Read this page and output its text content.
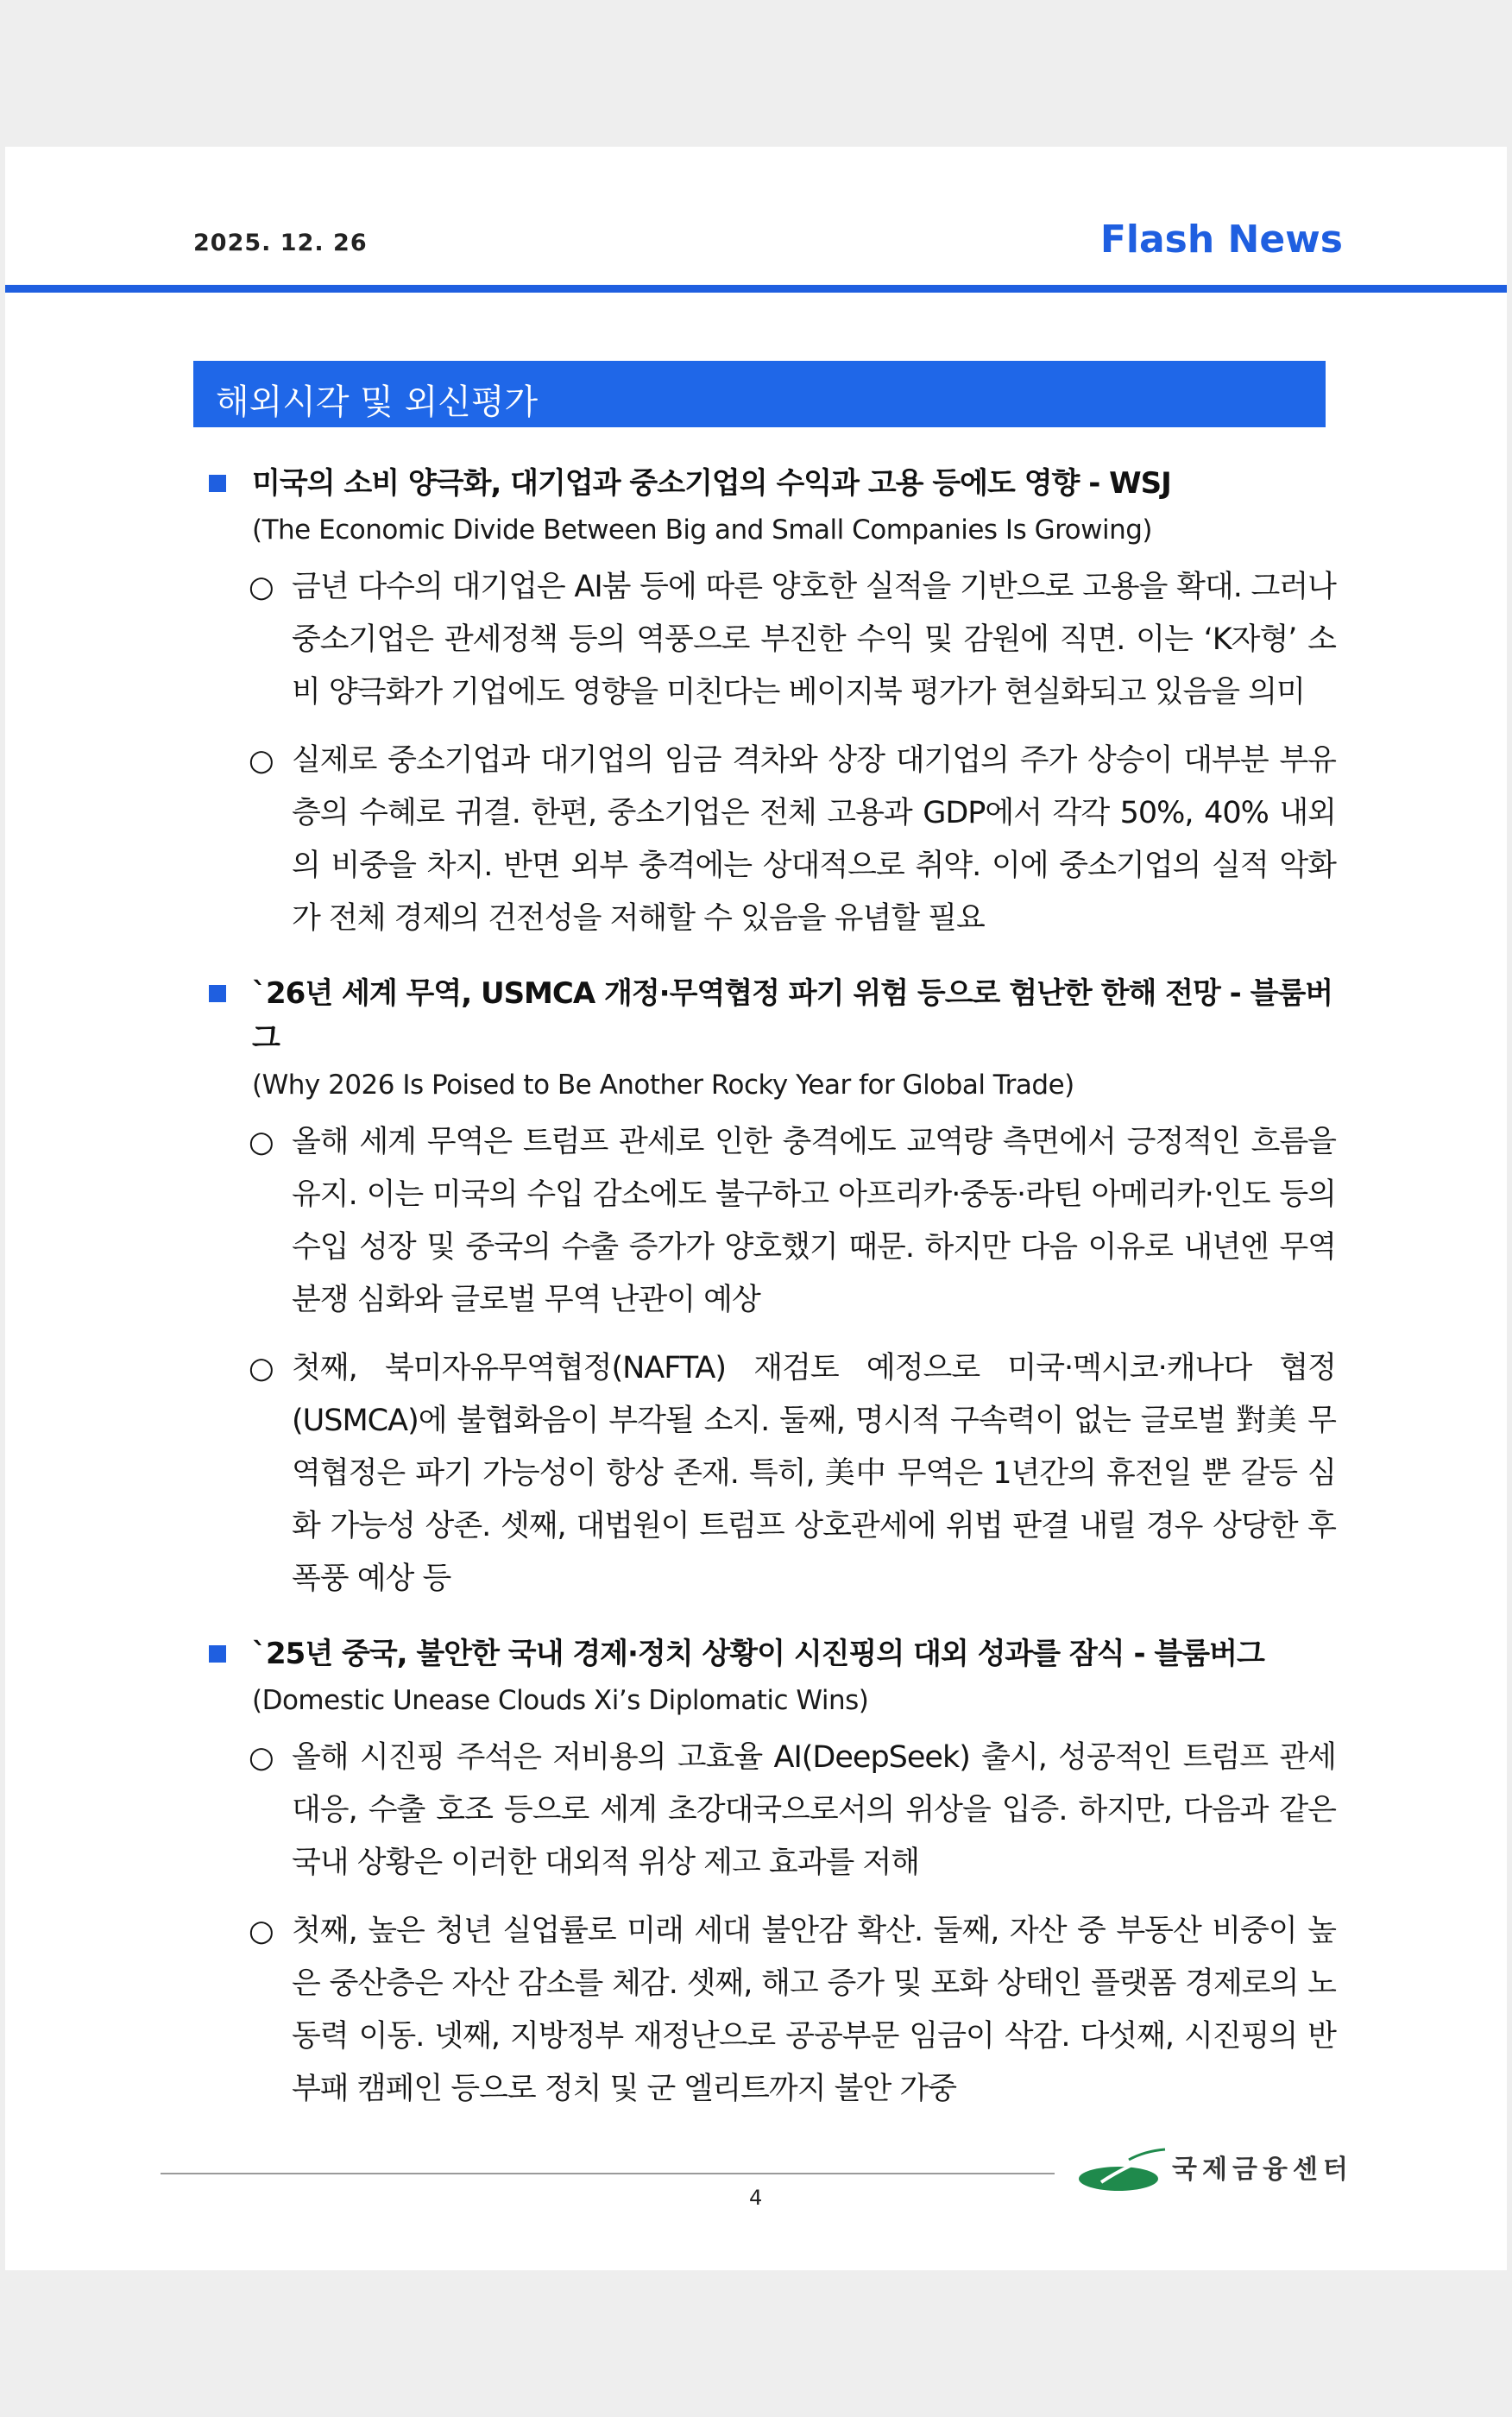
2025. 12. 26	Flash News
해외시각 및 외신평가
미국의 소비 양극화, 대기업과 중소기업의 수익과 고용 등에도 영향 - WSJ
(The Economic Divide Between Big and Small Companies Is Growing)
○ 금년 다수의 대기업은 AI붐 등에 따른 양호한 실적을 기반으로 고용을 확대. 그러나 중소기업은 관세정책 등의 역풍으로 부진한 수익 및 감원에 직면. 이는 ‘K자형’ 소비 양극화가 기업에도 영향을 미친다는 베이지북 평가가 현실화되고 있음을 의미
○ 실제로 중소기업과 대기업의 임금 격차와 상장 대기업의 주가 상승이 대부분 부유층의 수혜로 귀결. 한편, 중소기업은 전체 고용과 GDP에서 각각 50%, 40% 내외의 비중을 차지. 반면 외부 충격에는 상대적으로 취약. 이에 중소기업의 실적 악화가 전체 경제의 건전성을 저해할 수 있음을 유념할 필요
`26년 세계 무역, USMCA 개정·무역협정 파기 위험 등으로 험난한 한해 전망 - 블룸버그
(Why 2026 Is Poised to Be Another Rocky Year for Global Trade)
○ 올해 세계 무역은 트럼프 관세로 인한 충격에도 교역량 측면에서 긍정적인 흐름을 유지. 이는 미국의 수입 감소에도 불구하고 아프리카·중동·라틴 아메리카·인도 등의 수입 성장 및 중국의 수출 증가가 양호했기 때문. 하지만 다음 이유로 내년엔 무역 분쟁 심화와 글로벌 무역 난관이 예상
○ 첫째, 북미자유무역협정(NAFTA) 재검토 예정으로 미국·멕시코·캐나다 협정(USMCA)에 불협화음이 부각될 소지. 둘째, 명시적 구속력이 없는 글로벌 對美 무역협정은 파기 가능성이 항상 존재. 특히, 美中 무역은 1년간의 휴전일 뿐 갈등 심화 가능성 상존. 셋째, 대법원이 트럼프 상호관세에 위법 판결 내릴 경우 상당한 후폭풍 예상 등
`25년 중국, 불안한 국내 경제·정치 상황이 시진핑의 대외 성과를 잠식 - 블룸버그
(Domestic Unease Clouds Xi’s Diplomatic Wins)
○ 올해 시진핑 주석은 저비용의 고효율 AI(DeepSeek) 출시, 성공적인 트럼프 관세 대응, 수출 호조 등으로 세계 초강대국으로서의 위상을 입증. 하지만, 다음과 같은 국내 상황은 이러한 대외적 위상 제고 효과를 저해
○ 첫째, 높은 청년 실업률로 미래 세대 불안감 확산. 둘째, 자산 중 부동산 비중이 높은 중산층은 자산 감소를 체감. 셋째, 해고 증가 및 포화 상태인 플랫폼 경제로의 노동력 이동. 넷째, 지방정부 재정난으로 공공부문 임금이 삭감. 다섯째, 시진핑의 반부패 캠페인 등으로 정치 및 군 엘리트까지 불안 가중
국제금융센터
4
